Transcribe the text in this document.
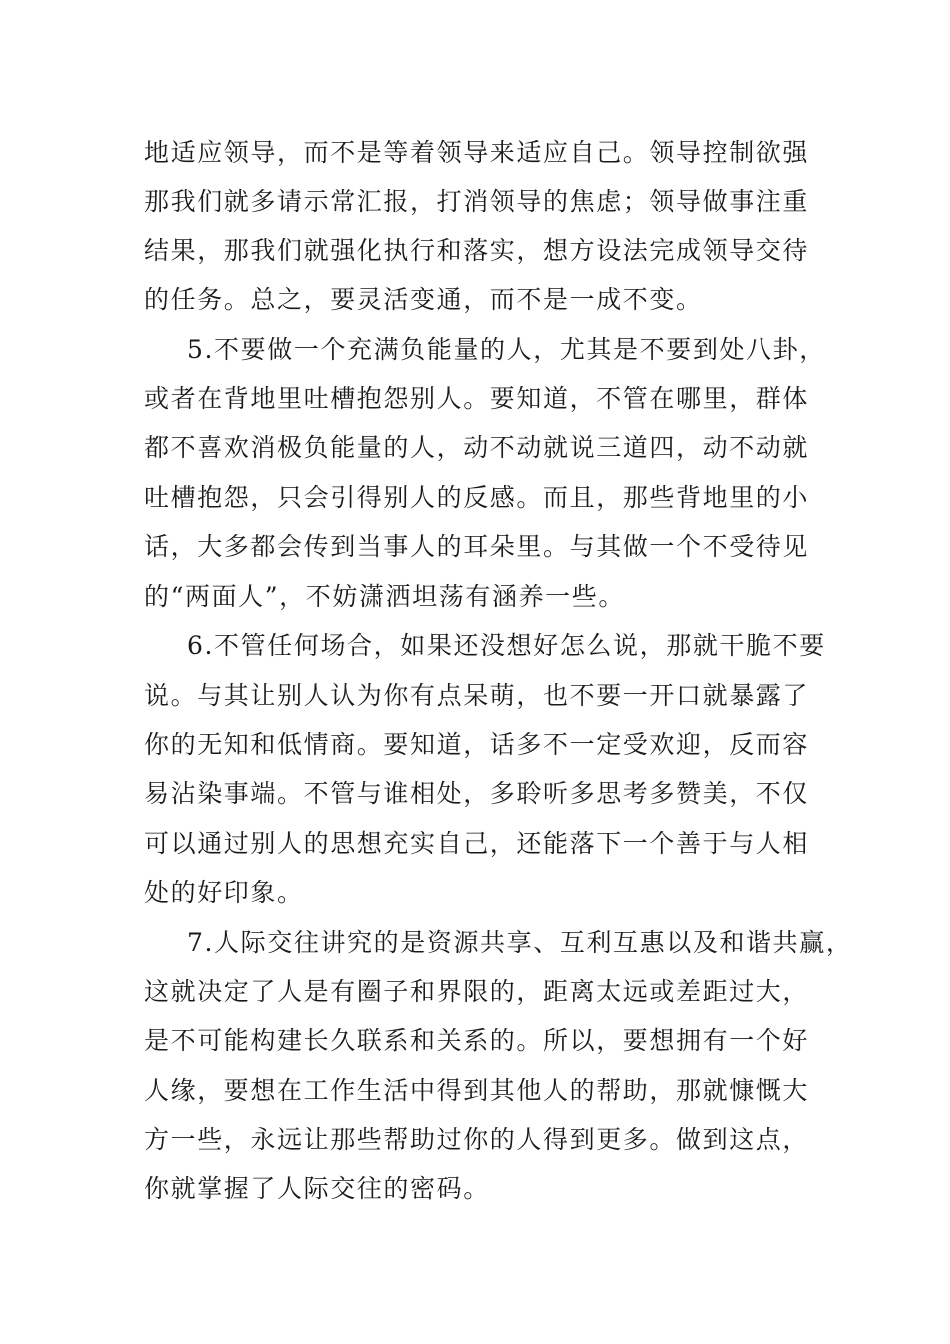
地适应领导，而不是等着领导来适应自己。领导控制欲强
那我们就多请示常汇报，打消领导的焦虑；领导做事注重
结果，那我们就强化执行和落实，想方设法完成领导交待
的任务。总之，要灵活变通，而不是一成不变。
5.不要做一个充满负能量的人，尤其是不要到处八卦，
或者在背地里吐槽抱怨别人。要知道，不管在哪里，群体
都不喜欢消极负能量的人，动不动就说三道四，动不动就
吐槽抱怨，只会引得别人的反感。而且，那些背地里的小
话，大多都会传到当事人的耳朵里。与其做一个不受待见
的“两面人”，不妨潇洒坦荡有涵养一些。
6.不管任何场合，如果还没想好怎么说，那就干脆不要
说。与其让别人认为你有点呆萌，也不要一开口就暴露了
你的无知和低情商。要知道，话多不一定受欢迎，反而容
易沾染事端。不管与谁相处，多聆听多思考多赞美，不仅
可以通过别人的思想充实自己，还能落下一个善于与人相
处的好印象。
7.人际交往讲究的是资源共享、互利互惠以及和谐共赢，
这就决定了人是有圈子和界限的，距离太远或差距过大，
是不可能构建长久联系和关系的。所以，要想拥有一个好
人缘，要想在工作生活中得到其他人的帮助，那就慷慨大
方一些，永远让那些帮助过你的人得到更多。做到这点，
你就掌握了人际交往的密码。
